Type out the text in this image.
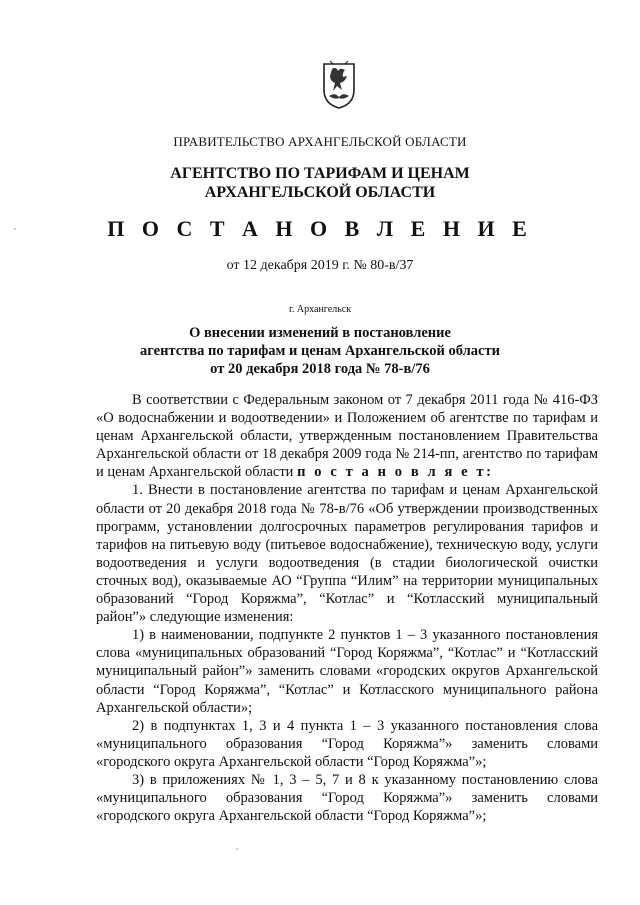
ПРАВИТЕЛЬСТВО АРХАНГЕЛЬСКОЙ ОБЛАСТИ
АГЕНТСТВО ПО ТАРИФАМ И ЦЕНАМ
АРХАНГЕЛЬСКОЙ ОБЛАСТИ
П О С Т А Н О В Л Е Н И Е
от 12 декабря 2019 г. № 80-в/37
г. Архангельск
О внесении изменений в постановление
агентства по тарифам и ценам Архангельской области
от 20 декабря 2018 года № 78-в/76

В соответствии с Федеральным законом от 7 декабря 2011 года № 416-ФЗ «О водоснабжении и водоотведении» и Положением об агентстве по тарифам и ценам Архангельской области, утвержденным постановлением Правительства Архангельской области от 18 декабря 2009 года № 214-пп, агентство по тарифам и ценам Архангельской области п о с т а н о в л я е т:

1. Внести в постановление агентства по тарифам и ценам Архангельской области от 20 декабря 2018 года № 78-в/76 «Об утверждении производственных программ, установлении долгосрочных параметров регулирования тарифов и тарифов на питьевую воду (питьевое водоснабжение), техническую воду, услуги водоотведения и услуги водоотведения (в стадии биологической очистки сточных вод), оказываемые АО “Группа “Илим” на территории муниципальных образований “Город Коряжма”, “Котлас” и “Котласский муниципальный район”» следующие изменения:

1) в наименовании, подпункте 2 пунктов 1 – 3 указанного постановления слова «муниципальных образований “Город Коряжма”, “Котлас” и “Котласский муниципальный район”» заменить словами «городских округов Архангельской области “Город Коряжма”, “Котлас” и Котласского муниципального района Архангельской области»;

2) в подпунктах 1, 3 и 4 пункта 1 – 3 указанного постановления слова «муниципального образования “Город Коряжма”» заменить словами «городского округа Архангельской области “Город Коряжма”»;

3) в приложениях № 1, 3 – 5, 7 и 8 к указанному постановлению слова «муниципального образования “Город Коряжма”» заменить словами «городского округа Архангельской области “Город Коряжма”»;
